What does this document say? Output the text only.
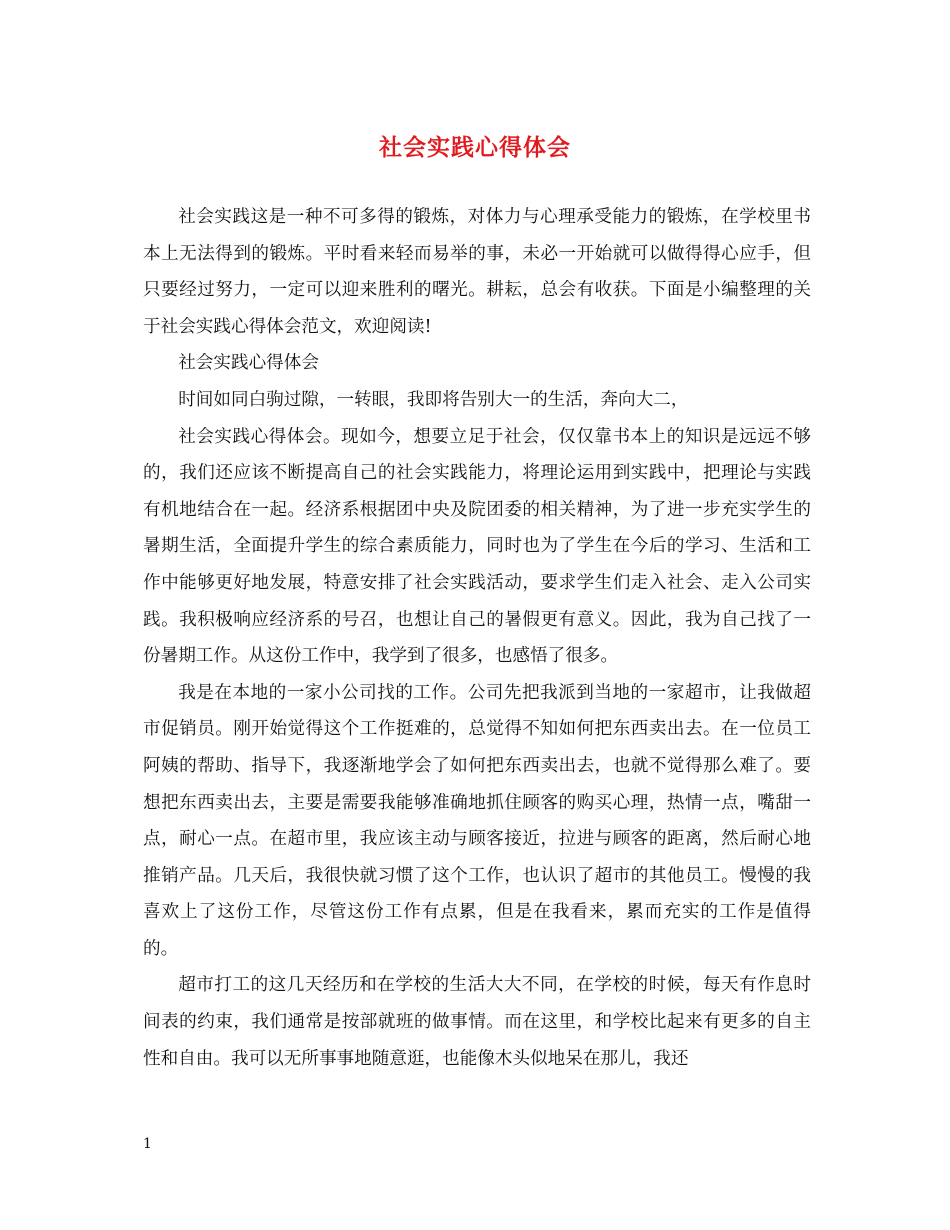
社会实践心得体会

社会实践这是一种不可多得的锻炼，对体力与心理承受能力的锻炼，在学校里书本上无法得到的锻炼。平时看来轻而易举的事，未必一开始就可以做得得心应手，但只要经过努力，一定可以迎来胜利的曙光。耕耘，总会有收获。下面是小编整理的关于社会实践心得体会范文，欢迎阅读!

社会实践心得体会

时间如同白驹过隙，一转眼，我即将告别大一的生活，奔向大二，

社会实践心得体会。现如今，想要立足于社会，仅仅靠书本上的知识是远远不够的，我们还应该不断提高自己的社会实践能力，将理论运用到实践中，把理论与实践有机地结合在一起。经济系根据团中央及院团委的相关精神，为了进一步充实学生的暑期生活，全面提升学生的综合素质能力，同时也为了学生在今后的学习、生活和工作中能够更好地发展，特意安排了社会实践活动，要求学生们走入社会、走入公司实践。我积极响应经济系的号召，也想让自己的暑假更有意义。因此，我为自己找了一份暑期工作。从这份工作中，我学到了很多，也感悟了很多。

我是在本地的一家小公司找的工作。公司先把我派到当地的一家超市，让我做超市促销员。刚开始觉得这个工作挺难的，总觉得不知如何把东西卖出去。在一位员工阿姨的帮助、指导下，我逐渐地学会了如何把东西卖出去，也就不觉得那么难了。要想把东西卖出去，主要是需要我能够准确地抓住顾客的购买心理，热情一点，嘴甜一点，耐心一点。在超市里，我应该主动与顾客接近，拉进与顾客的距离，然后耐心地推销产品。几天后，我很快就习惯了这个工作，也认识了超市的其他员工。慢慢的我喜欢上了这份工作，尽管这份工作有点累，但是在我看来，累而充实的工作是值得的。

超市打工的这几天经历和在学校的生活大大不同，在学校的时候，每天有作息时间表的约束，我们通常是按部就班的做事情。而在这里，和学校比起来有更多的自主性和自由。我可以无所事事地随意逛，也能像木头似地呆在那儿，我还

1
